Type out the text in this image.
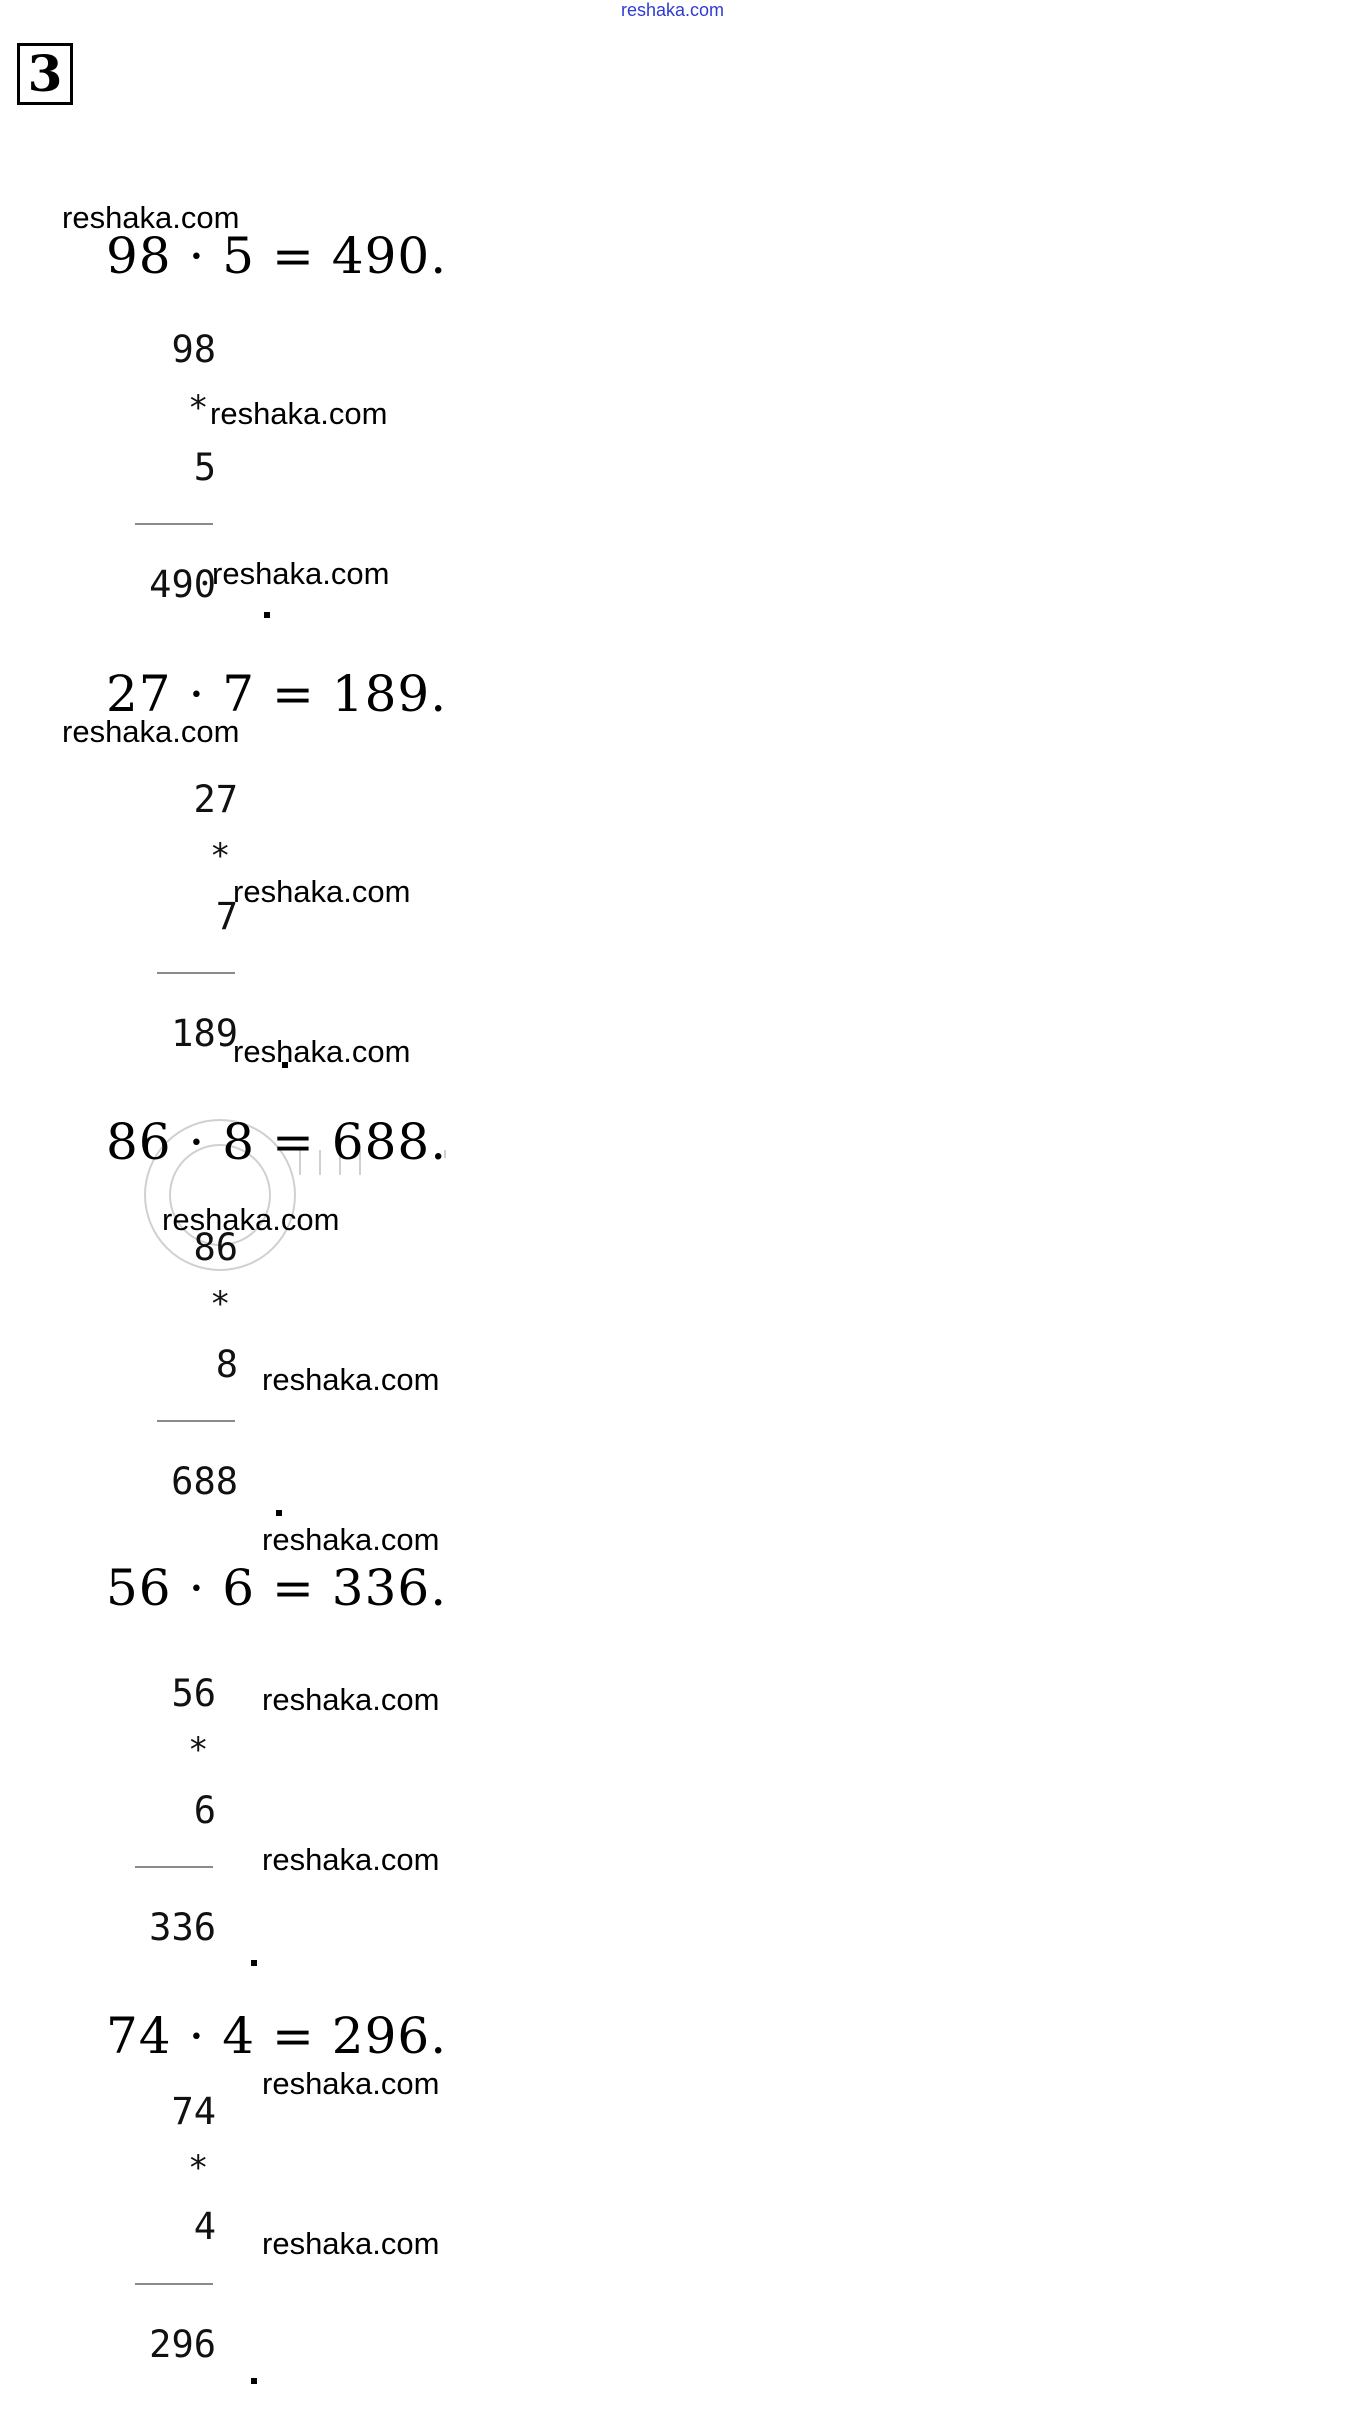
reshaka.com
3
98 · 5 = 490.
98
*
5
490
27 · 7 = 189.
27
*
7
189
86 · 8 = 688.
86
*
8
688
56 · 6 = 336.
56
*
6
336
74 · 4 = 296.
74
*
4
296
reshaka.com
reshaka.com
reshaka.com
reshaka.com
reshaka.com
reshaka.com
reshaka.com
reshaka.com
reshaka.com
reshaka.com
reshaka.com
reshaka.com
reshaka.com
